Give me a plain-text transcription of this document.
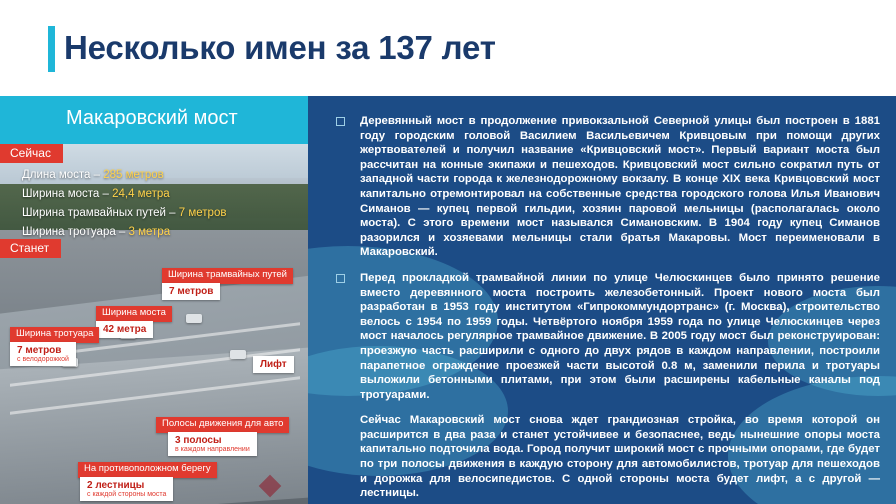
Несколько имен за 137 лет
Макаровский мост
Сейчас
Длина моста – 285 метров
Ширина моста – 24,4 метра
Ширина трамвайных путей – 7 метров
Ширина тротуара – 3 метра
Станет
Ширина трамвайных путей
7 метров
Ширина моста
42 метра
Ширина тротуара
7 метров
с велодорожкой	Лифт
Полосы движения для авто
3 полосы
в каждом направлении
На противоположном берегу
2 лестницы
с каждой стороны моста
Деревянный мост в продолжение привокзальной Северной улицы был построен в 1881 году городским головой Василием Васильевичем Кривцовым при помощи других жертвователей и получил название «Кривцовский мост». Первый вариант моста был рассчитан на конные экипажи и пешеходов. Кривцовский мост сильно сократил путь от западной части города к железнодорожному вокзалу. В конце XIX века Кривцовский мост капитально отремонтировал на собственные средства городского голова Илья Иванович Симанов — купец первой гильдии, хозяин паровой мельницы (располагалась около моста). С этого времени мост назывался Симановским. В 1904 году купец Симанов разорился и хозяевами мельницы стали братья Макаровы. Мост переименовали в Макаровский.
Перед прокладкой трамвайной линии по улице Челюскинцев было принято решение вместо деревянного моста построить железобетонный. Проект нового моста был разработан в 1953 году институтом «Гипрокоммундортранс» (г. Москва), строительство велось с 1954 по 1959 годы. Четвёртого ноября 1959 года по улице Челюскинцев через мост началось регулярное трамвайное движение. В 2005 году мост был реконструирован: проезжую часть расширили с одного до двух рядов в каждом направлении, построили парапетное ограждение проезжей части высотой 0.8 м, заменили перила и тротуары выложили бетонными плитами, при этом были расширены кабельные каналы под тротуарами.
Сейчас Макаровский мост снова ждет грандиозная стройка, во время которой он расширится в два раза и станет устойчивее и безопаснее, ведь нынешние опоры моста капитально подточила вода. Город получит широкий мост с прочными опорами, где будет по три полосы движения в каждую сторону для автомобилистов, тротуар для пешеходов и дорожка для велосипедистов. С одной стороны моста будет лифт, а с другой — лестницы.
